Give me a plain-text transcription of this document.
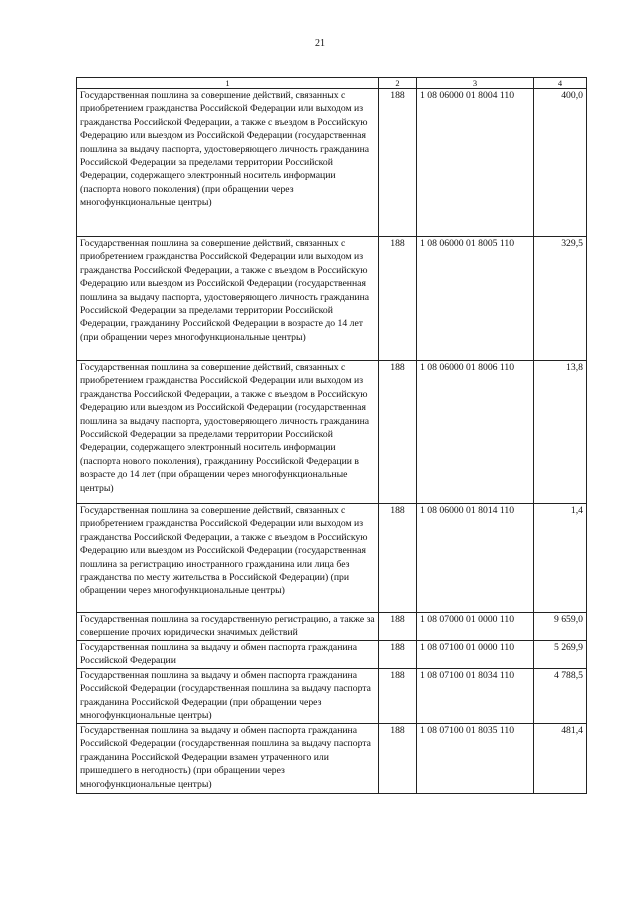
21
1	2	3	4
Государственная пошлина за совершение действий, связанных с приобретением гражданства Российской Федерации или выходом из гражданства Российской Федерации, а также с въездом в Российскую Федерацию или выездом из Российской Федерации (государственная пошлина за выдачу паспорта, удостоверяющего личность гражданина Российской Федерации за пределами территории Российской Федерации, содержащего электронный носитель информации (паспорта нового поколения) (при обращении через многофункциональные центры)	188	1 08 06000 01 8004 110	400,0
Государственная пошлина за совершение действий, связанных с приобретением гражданства Российской Федерации или выходом из гражданства Российской Федерации, а также с въездом в Российскую Федерацию или выездом из Российской Федерации (государственная пошлина за выдачу паспорта, удостоверяющего личность гражданина Российской Федерации за пределами территории Российской Федерации, гражданину Российской Федерации в возрасте до 14 лет (при обращении через многофункциональные центры)	188	1 08 06000 01 8005 110	329,5
Государственная пошлина за совершение действий, связанных с приобретением гражданства Российской Федерации или выходом из гражданства Российской Федерации, а также с въездом в Российскую Федерацию или выездом из Российской Федерации (государственная пошлина за выдачу паспорта, удостоверяющего личность гражданина Российской Федерации за пределами территории Российской Федерации, содержащего электронный носитель информации (паспорта нового поколения), гражданину Российской Федерации в возрасте до 14 лет (при обращении через многофункциональные центры)	188	1 08 06000 01 8006 110	13,8
Государственная пошлина за совершение действий, связанных с приобретением гражданства Российской Федерации или выходом из гражданства Российской Федерации, а также с въездом в Российскую Федерацию или выездом из Российской Федерации (государственная пошлина за регистрацию иностранного гражданина или лица без гражданства по месту жительства в Российской Федерации) (при обращении через многофункциональные центры)	188	1 08 06000 01 8014 110	1,4
Государственная пошлина за государственную регистрацию, а также за совершение прочих юридически значимых действий	188	1 08 07000 01 0000 110	9 659,0
Государственная пошлина за выдачу и обмен паспорта гражданина Российской Федерации	188	1 08 07100 01 0000 110	5 269,9
Государственная пошлина за выдачу и обмен паспорта гражданина Российской Федерации (государственная пошлина за выдачу паспорта гражданина Российской Федерации (при обращении через многофункциональные центры)	188	1 08 07100 01 8034 110	4 788,5
Государственная пошлина за выдачу и обмен паспорта гражданина Российской Федерации (государственная пошлина за выдачу паспорта гражданина Российской Федерации взамен утраченного или пришедшего в негодность) (при обращении через многофункциональные центры)	188	1 08 07100 01 8035 110	481,4
